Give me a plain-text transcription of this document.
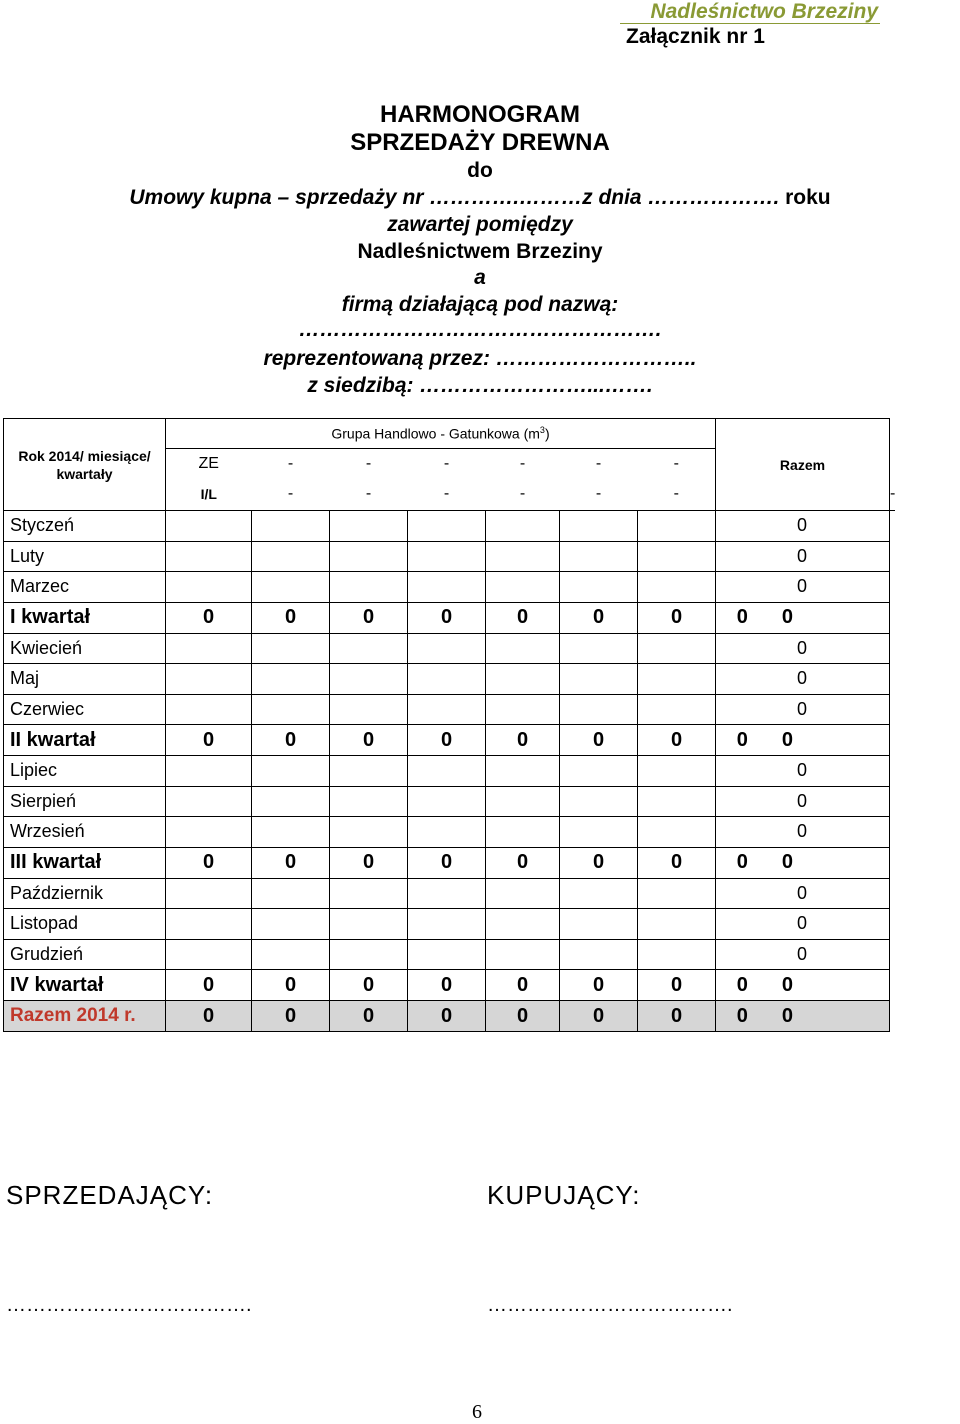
Nadleśnictwo Brzeziny
Załącznik nr 1
HARMONOGRAM
SPRZEDAŻY DREWNA
do
Umowy kupna – sprzedaży nr ………….………z dnia ………………. roku
zawartej pomiędzy
Nadleśnictwem Brzeziny
a
firmą działającą pod nazwą:
…………………………………………….
reprezentowaną przez: ………………………..
z siedzibą: ……………………...…….
Rok 2014/ miesiące/ kwartały	Grupa Handlowo - Gatunkowa $(m^3)$							Razem	
	ZE	-	-	-	-	-	-		
	I/L	-	-	-	-	-	-		-
Styczeń								0	
Luty								0	
Marzec								0	
I kwartał	0	0	0	0	0	0	0	0 0	
Kwiecień								0	
Maj								0	
Czerwiec								0	
II kwartał	0	0	0	0	0	0	0	0 0	
Lipiec								0	
Sierpień								0	
Wrzesień								0	
III kwartał	0	0	0	0	0	0	0	0 0	
Październik								0	
Listopad								0	
Grudzień								0	
IV kwartał	0	0	0	0	0	0	0	0 0	
Razem 2014 r.	0	0	0	0	0	0	0	0 0	
SPRZEDAJĄCY:	KUPUJĄCY:
……………………………….	……………………………….
6
